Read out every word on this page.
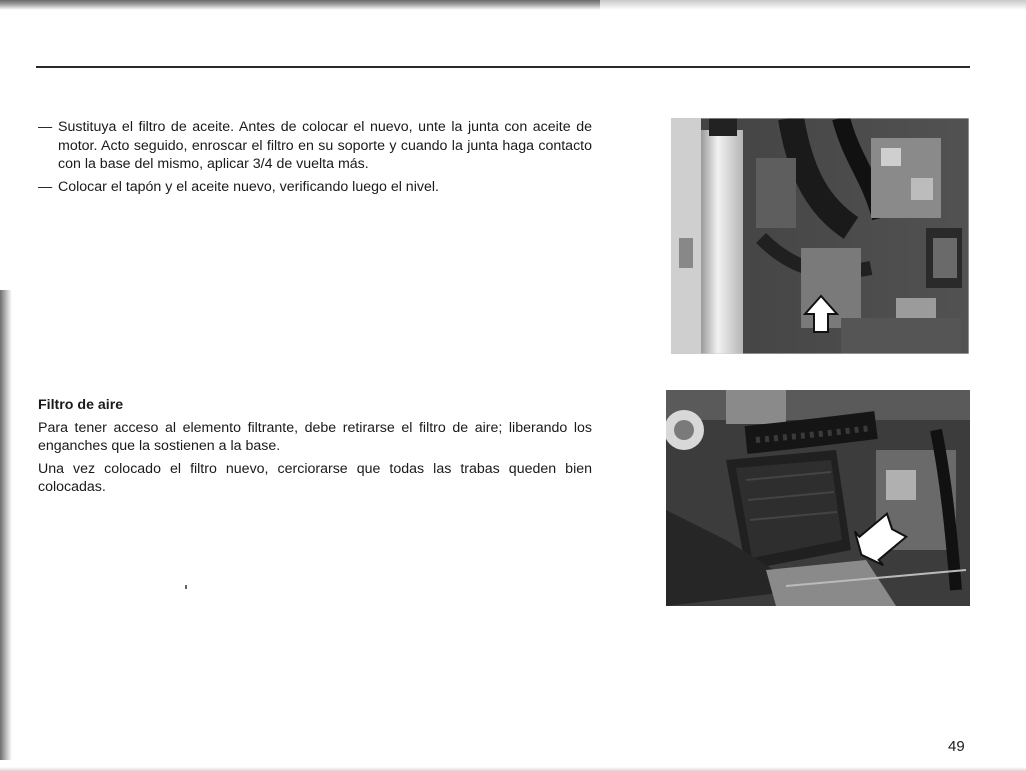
— Sustituya el filtro de aceite. Antes de colocar el nuevo, unte la junta con aceite de motor. Acto seguido, enroscar el filtro en su soporte y cuando la junta haga contacto con la base del mismo, aplicar 3/4 de vuelta más.
— Colocar el tapón y el aceite nuevo, verificando luego el nivel.
Filtro de aire
Para tener acceso al elemento filtrante, debe retirarse el filtro de aire; liberando los enganches que la sostienen a la base.
Una vez colocado el filtro nuevo, cerciorarse que todas las trabas queden bien colocadas.
49
